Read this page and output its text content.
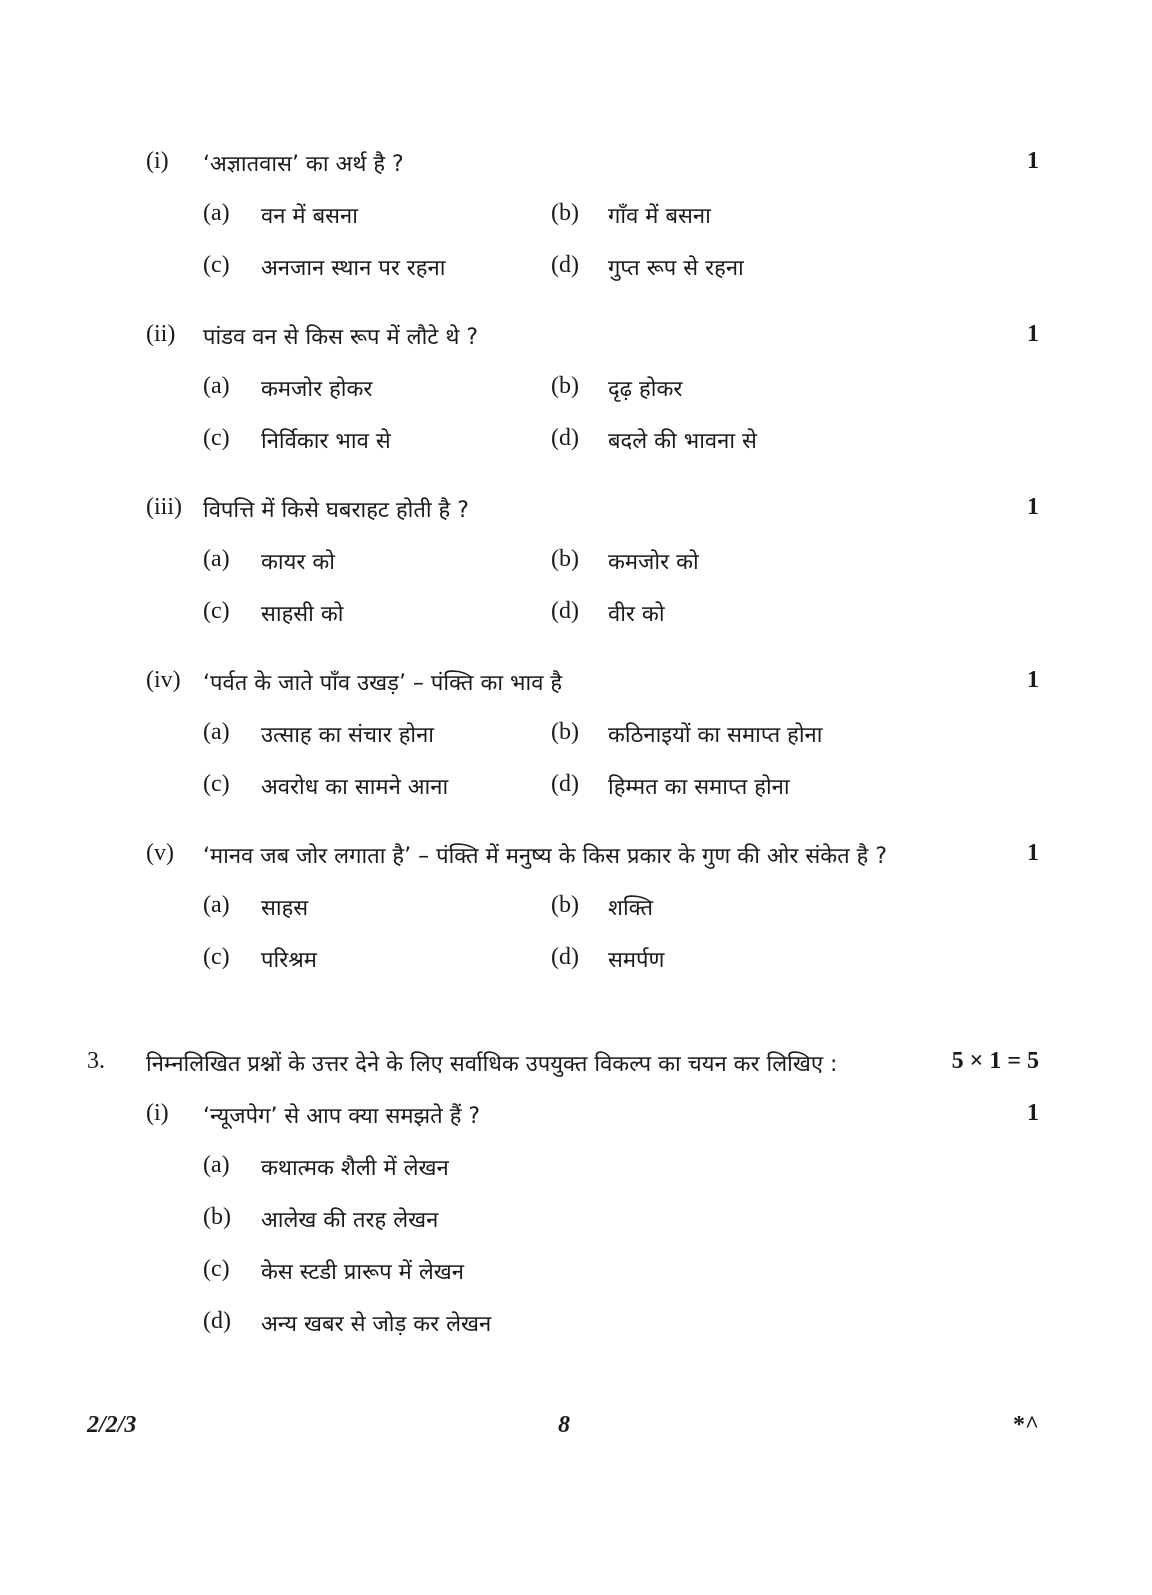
(i) ‘अज्ञातवास’ का अर्थ है ?	1
(a) वन में बसना	(b) गाँव में बसना
(c) अनजान स्थान पर रहना	(d) गुप्त रूप से रहना
(ii) पांडव वन से किस रूप में लौटे थे ?	1
(a) कमजोर होकर	(b) दृढ़ होकर
(c) निर्विकार भाव से	(d) बदले की भावना से
(iii) विपत्ति में किसे घबराहट होती है ?	1
(a) कायर को	(b) कमजोर को
(c) साहसी को	(d) वीर को
(iv) ‘पर्वत के जाते पाँव उखड़’ – पंक्ति का भाव है	1
(a) उत्साह का संचार होना	(b) कठिनाइयों का समाप्त होना
(c) अवरोध का सामने आना	(d) हिम्मत का समाप्त होना
(v) ‘मानव जब जोर लगाता है’ – पंक्ति में मनुष्य के किस प्रकार के गुण की ओर संकेत है ?	1
(a) साहस	(b) शक्ति
(c) परिश्रम	(d) समर्पण
3. निम्नलिखित प्रश्नों के उत्तर देने के लिए सर्वाधिक उपयुक्त विकल्प का चयन कर लिखिए :	5 × 1 = 5
(i) ‘न्यूजपेग’ से आप क्या समझते हैं ?	1
(a) कथात्मक शैली में लेखन
(b) आलेख की तरह लेखन
(c) केस स्टडी प्रारूप में लेखन
(d) अन्य खबर से जोड़ कर लेखन
2/2/3	8	*^
